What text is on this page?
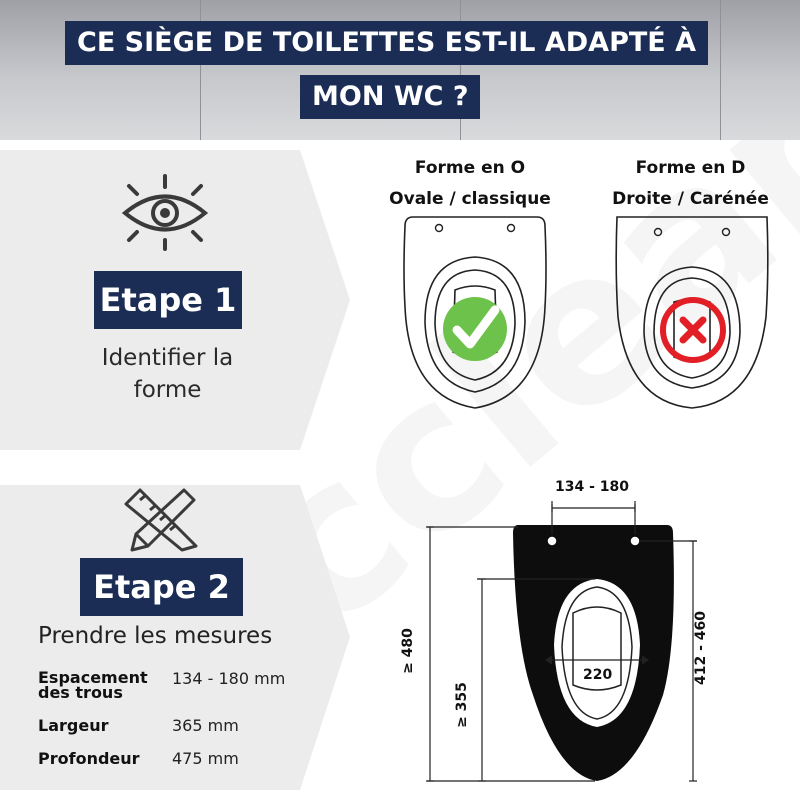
CE SIÈGE DE TOILETTES EST-IL ADAPTÉ À
MON WC ?
Etape 1
Identifier la
forme
Forme en O
Ovale / classique
Forme en D
Droite / Carénée
Etape 2
Prendre les mesures
Espacement
des trous
134 - 180 mm
Largeur	365 mm
Profondeur 475 mm
134 - 180
220
≥ 480
≥ 355
412 - 460
